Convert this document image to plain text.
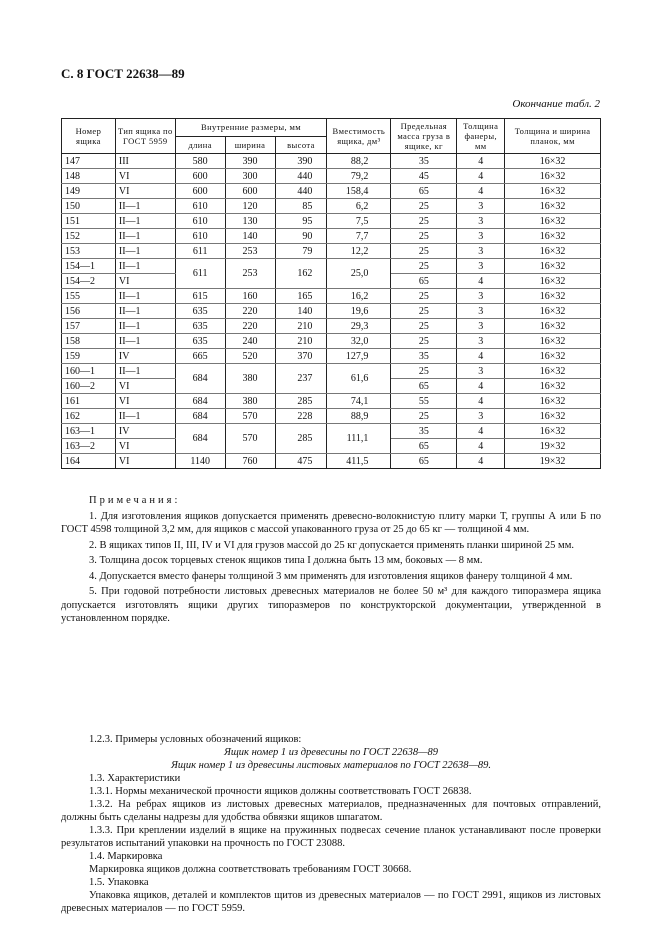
С. 8 ГОСТ 22638—89
Окончание табл. 2
Номер ящика	Тип ящика по ГОСТ 5959	Внутренние размеры, мм			Вместимость ящика, дм³	Предельная масса груза в ящике, кг	Толщина фанеры, мм	Толщина и ширина планок, мм
		длина	ширина	высота				
147	III	580	390	390	88,2	35	4	16×32
148	VI	600	300	440	79,2	45	4	16×32
149	VI	600	600	440	158,4	65	4	16×32
150	II—1	610	120	85	6,2	25	3	16×32
151	II—1	610	130	95	7,5	25	3	16×32
152	II—1	610	140	90	7,7	25	3	16×32
153	II—1	611	253	79	12,2	25	3	16×32
154—1	II—1	611	253	162	25,0	25	3	16×32
154—2	VI					65	4	16×32
155	II—1	615	160	165	16,2	25	3	16×32
156	II—1	635	220	140	19,6	25	3	16×32
157	II—1	635	220	210	29,3	25	3	16×32
158	II—1	635	240	210	32,0	25	3	16×32
159	IV	665	520	370	127,9	35	4	16×32
160—1	II—1	684	380	237	61,6	25	3	16×32
160—2	VI					65	4	16×32
161	VI	684	380	285	74,1	55	4	16×32
162	II—1	684	570	228	88,9	25	3	16×32
163—1	IV	684	570	285	111,1	35	4	16×32
163—2	VI					65	4	19×32
164	VI	1140	760	475	411,5	65	4	19×32

Примечания:

1. Для изготовления ящиков допускается применять древесно-волокнистую плиту марки Т, группы А или Б по ГОСТ 4598 толщиной 3,2 мм, для ящиков с массой упакованного груза от 25 до 65 кг — толщиной 4 мм.

2. В ящиках типов II, III, IV и VI для грузов массой до 25 кг допускается применять планки шириной 25 мм.

3. Толщина досок торцевых стенок ящиков типа I должна быть 13 мм, боковых — 8 мм.

4. Допускается вместо фанеры толщиной 3 мм применять для изготовления ящиков фанеру толщиной 4 мм.

5. При годовой потребности листовых древесных материалов не более 50 м³ для каждого типоразмера ящика допускается изготовлять ящики других типоразмеров по конструкторской документации, утвержденной в установленном порядке.

1.2.3. Примеры условных обозначений ящиков:

Ящик номер 1 из древесины по ГОСТ 22638—89

Ящик номер 1 из древесины листовых материалов по ГОСТ 22638—89.

1.3. Характеристики

1.3.1. Нормы механической прочности ящиков должны соответствовать ГОСТ 26838.

1.3.2. На ребрах ящиков из листовых древесных материалов, предназначенных для почтовых отправлений, должны быть сделаны надрезы для удобства обвязки ящиков шпагатом.

1.3.3. При креплении изделий в ящике на пружинных подвесах сечение планок устанавливают после проверки результатов испытаний упаковки на прочность по ГОСТ 23088.

1.4. Маркировка

Маркировка ящиков должна соответствовать требованиям ГОСТ 30668.

1.5. Упаковка

Упаковка ящиков, деталей и комплектов щитов из древесных материалов — по ГОСТ 2991, ящиков из листовых древесных материалов — по ГОСТ 5959.
